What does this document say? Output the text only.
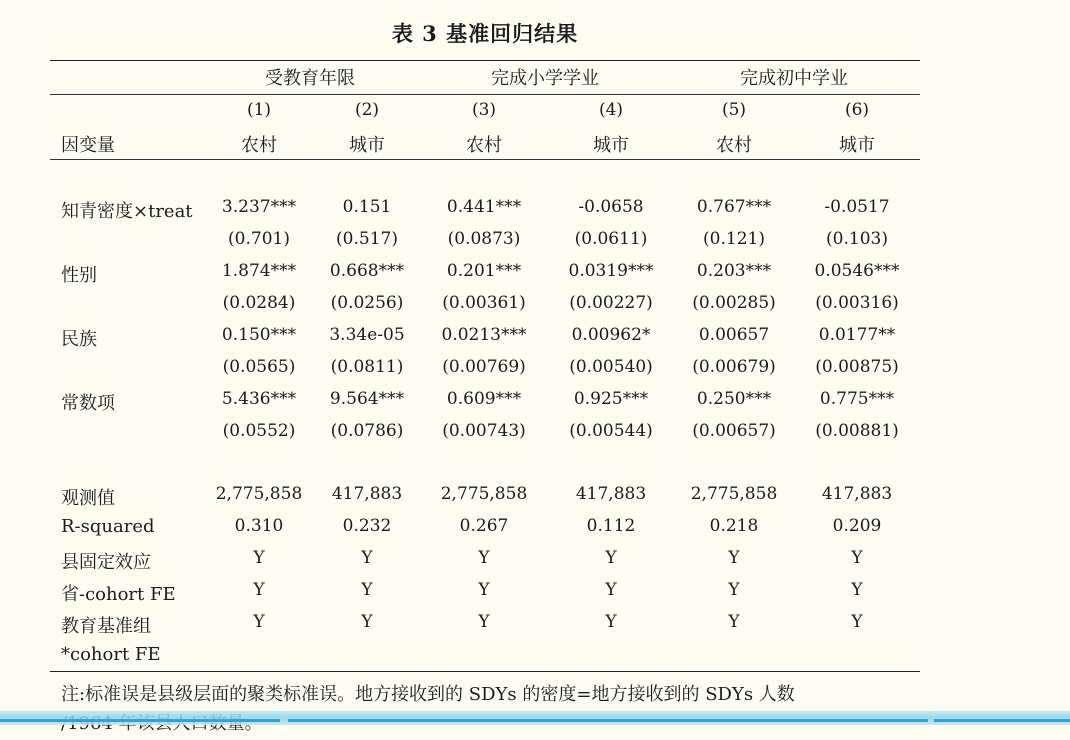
表 3 基准回归结果
受教育年限	完成小学学业	完成初中学业
(1)	(2)	(3)	(4)	(5)	(6)
因变量	农村	城市	农村	城市	农村	城市
知青密度×treat 3.237***	0.151	0.441***	-0.0658	0.767***	-0.0517
(0.701)	(0.517)	(0.0873)	(0.0611)	(0.121)	(0.103)
性别	1.874*** 0.668***	0.201***	0.0319***	0.203***	0.0546***
(0.0284) (0.0256) (0.00361)	(0.00227) (0.00285) (0.00316)
民族	0.150*** 3.34e-05 0.0213***	0.00962*	0.00657	0.0177**
(0.0565) (0.0811) (0.00769)	(0.00540) (0.00679) (0.00875)
常数项	5.436*** 9.564***	0.609***	0.925***	0.250***	0.775***
(0.0552) (0.0786) (0.00743)	(0.00544) (0.00657) (0.00881)
观测值	2,775,858 417,883 2,775,858	417,883	2,775,858	417,883
R-squared	0.310	0.232	0.267	0.112	0.218	0.209
县固定效应	Y	Y	Y	Y	Y	Y
省-cohort FE	Y	Y	Y	Y	Y	Y
教育基准组	Y	Y	Y	Y	Y	Y
*cohort FE
注:标准误是县级层面的聚类标准误。地方接收到的 SDYs 的密度=地方接收到的 SDYs 人数
